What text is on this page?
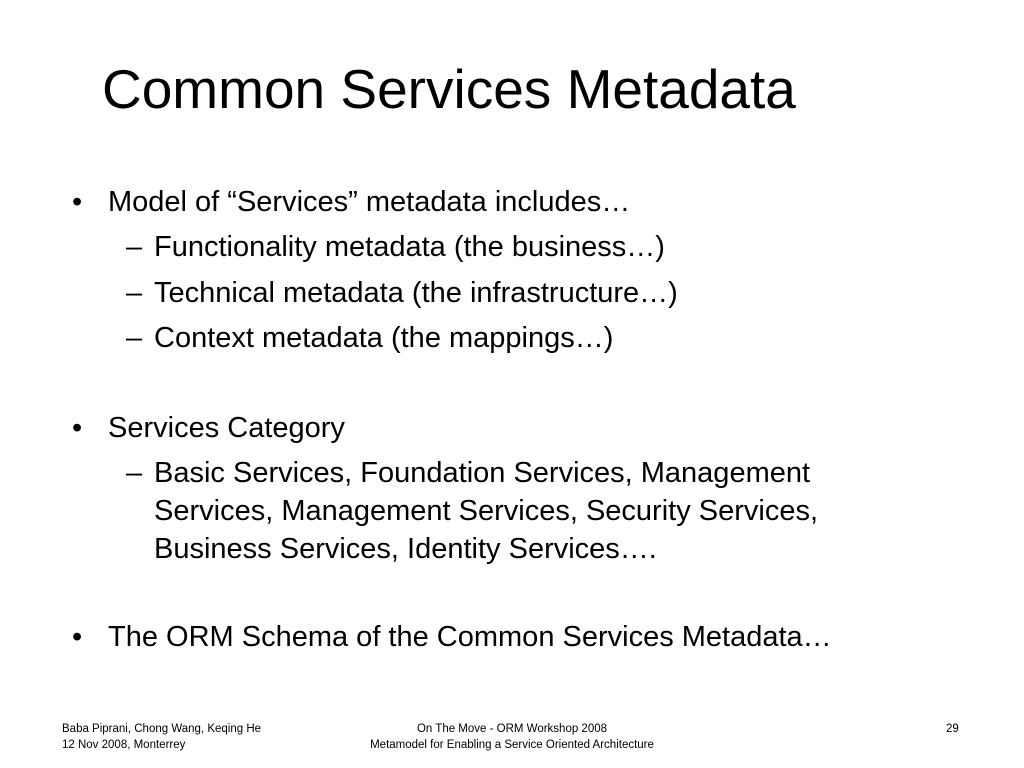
Common Services Metadata
• Model of “Services” metadata includes…
– Functionality metadata (the business…)
– Technical metadata (the infrastructure…)
– Context metadata (the mappings…)
• Services Category
– Basic Services, Foundation Services, Management
Services, Management Services, Security Services,
Business Services, Identity Services….
• The ORM Schema of the Common Services Metadata…
Baba Piprani, Chong Wang, Keqing He
12 Nov 2008, Monterrey
On The Move - ORM Workshop 2008
Metamodel for Enabling a Service Oriented Architecture
29
